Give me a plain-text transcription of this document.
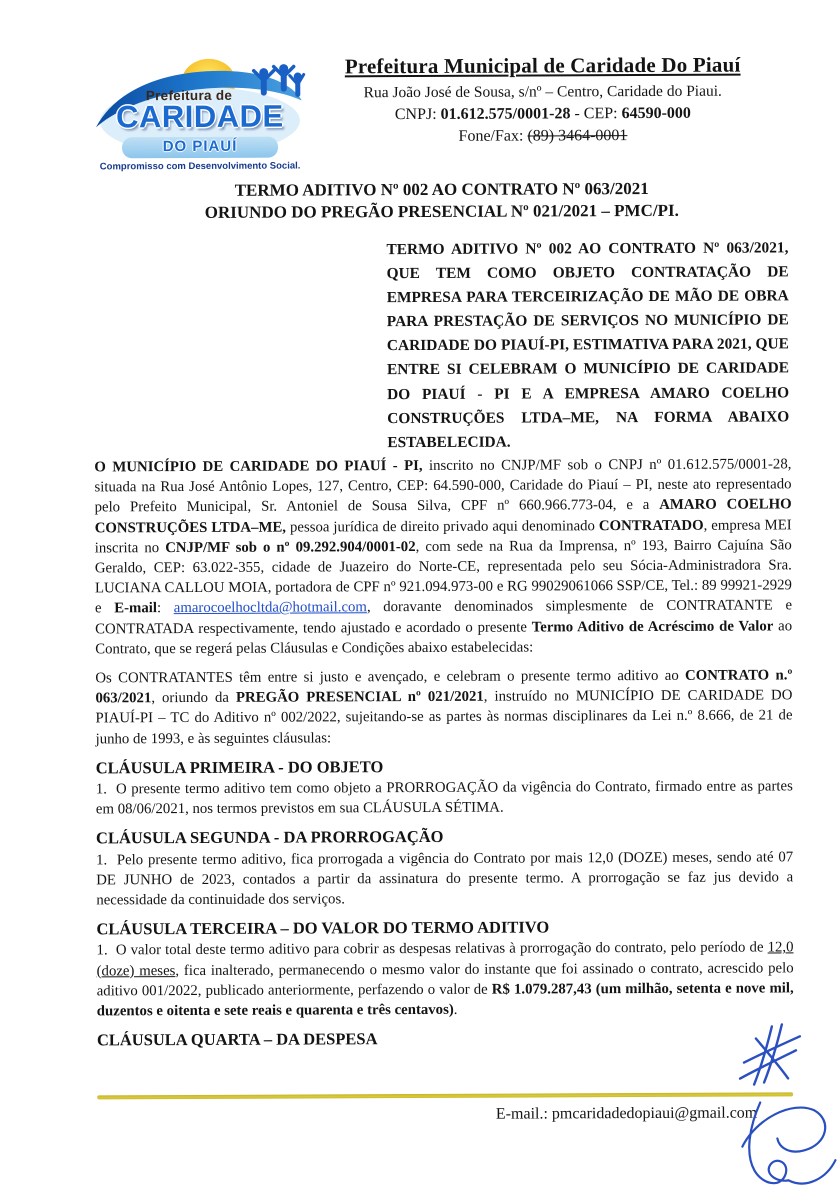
Prefeitura de
CARIDADE
DO PIAUÍ
Compromisso com Desenvolvimento Social.
Prefeitura Municipal de Caridade Do Piauí
Rua João José de Sousa, s/nº – Centro, Caridade do Piaui.
CNPJ: 01.612.575/0001-28 - CEP: 64590-000
Fone/Fax: (89) 3464-0001
TERMO ADITIVO Nº 002 AO CONTRATO Nº 063/2021
ORIUNDO DO PREGÃO PRESENCIAL Nº 021/2021 – PMC/PI.
TERMO ADITIVO Nº 002 AO CONTRATO Nº 063/2021, QUE TEM COMO OBJETO CONTRATAÇÃO DE EMPRESA PARA TERCEIRIZAÇÃO DE MÃO DE OBRA PARA PRESTAÇÃO DE SERVIÇOS NO MUNICÍPIO DE CARIDADE DO PIAUÍ-PI, ESTIMATIVA PARA 2021, QUE ENTRE SI CELEBRAM O MUNICÍPIO DE CARIDADE DO PIAUÍ - PI E A EMPRESA AMARO COELHO CONSTRUÇÕES LTDA–ME, NA FORMA ABAIXO ESTABELECIDA.
O MUNICÍPIO DE CARIDADE DO PIAUÍ - PI, inscrito no CNJP/MF sob o CNPJ nº 01.612.575/0001-28, situada na Rua José Antônio Lopes, 127, Centro, CEP: 64.590-000, Caridade do Piauí – PI, neste ato representado pelo Prefeito Municipal, Sr. Antoniel de Sousa Silva, CPF nº 660.966.773-04, e a AMARO COELHO CONSTRUÇÕES LTDA–ME, pessoa jurídica de direito privado aqui denominado CONTRATADO, empresa MEI inscrita no CNJP/MF sob o nº 09.292.904/0001-02, com sede na Rua da Imprensa, nº 193, Bairro Cajuína São Geraldo, CEP: 63.022-355, cidade de Juazeiro do Norte-CE, representada pelo seu Sócia-Administradora Sra. LUCIANA CALLOU MOIA, portadora de CPF nº 921.094.973-00 e RG 99029061066 SSP/CE, Tel.: 89 99921-2929 e E-mail: amarocoelhocltda@hotmail.com, doravante denominados simplesmente de CONTRATANTE e CONTRATADA respectivamente, tendo ajustado e acordado o presente Termo Aditivo de Acréscimo de Valor ao Contrato, que se regerá pelas Cláusulas e Condições abaixo estabelecidas:
Os CONTRATANTES têm entre si justo e avençado, e celebram o presente termo aditivo ao CONTRATO n.º 063/2021, oriundo da PREGÃO PRESENCIAL nº 021/2021, instruído no MUNICÍPIO DE CARIDADE DO PIAUÍ-PI – TC do Aditivo nº 002/2022, sujeitando-se as partes às normas disciplinares da Lei n.º 8.666, de 21 de junho de 1993, e às seguintes cláusulas:
CLÁUSULA PRIMEIRA - DO OBJETO
1.  O presente termo aditivo tem como objeto a PRORROGAÇÃO da vigência do Contrato, firmado entre as partes em 08/06/2021, nos termos previstos em sua CLÁUSULA SÉTIMA.
CLÁUSULA SEGUNDA - DA PRORROGAÇÃO
1.  Pelo presente termo aditivo, fica prorrogada a vigência do Contrato por mais 12,0 (DOZE) meses, sendo até 07 DE JUNHO de 2023, contados a partir da assinatura do presente termo. A prorrogação se faz jus devido a necessidade da continuidade dos serviços.
CLÁUSULA TERCEIRA – DO VALOR DO TERMO ADITIVO
1.  O valor total deste termo aditivo para cobrir as despesas relativas à prorrogação do contrato, pelo período de 12,0 (doze) meses, fica inalterado, permanecendo o mesmo valor do instante que foi assinado o contrato, acrescido pelo aditivo 001/2022, publicado anteriormente, perfazendo o valor de R$ 1.079.287,43 (um milhão, setenta e nove mil, duzentos e oitenta e sete reais e quarenta e três centavos).
CLÁUSULA QUARTA – DA DESPESA
E-mail.: pmcaridadedopiaui@gmail.com
